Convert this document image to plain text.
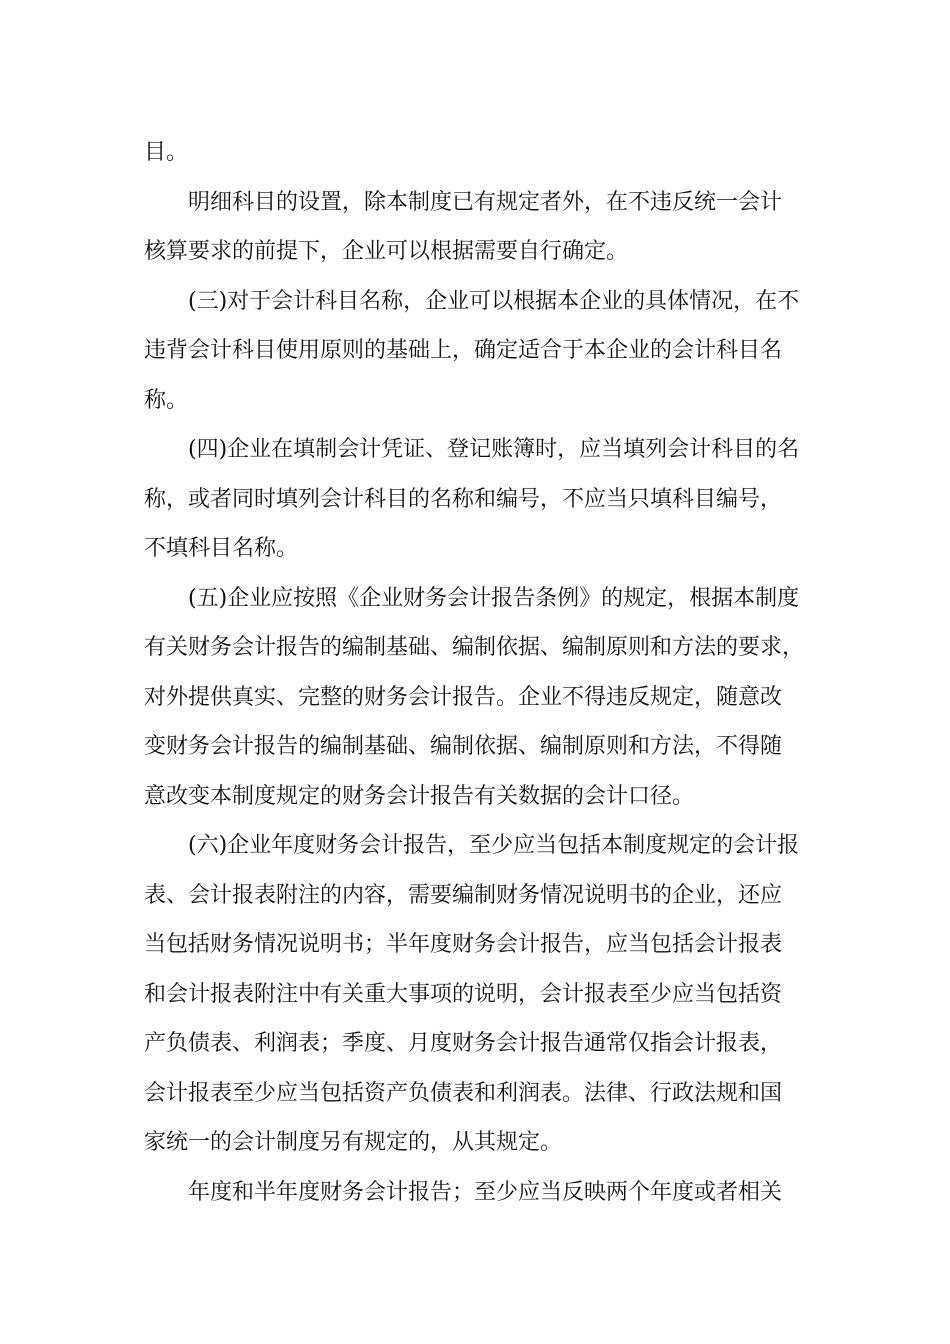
目。
明细科目的设置，除本制度已有规定者外，在不违反统一会计
核算要求的前提下，企业可以根据需要自行确定。
(三)对于会计科目名称，企业可以根据本企业的具体情况，在不
违背会计科目使用原则的基础上，确定适合于本企业的会计科目名
称。
(四)企业在填制会计凭证、登记账簿时，应当填列会计科目的名
称，或者同时填列会计科目的名称和编号，不应当只填科目编号，
不填科目名称。
(五)企业应按照《企业财务会计报告条例》的规定，根据本制度
有关财务会计报告的编制基础、编制依据、编制原则和方法的要求，
对外提供真实、完整的财务会计报告。企业不得违反规定，随意改
变财务会计报告的编制基础、编制依据、编制原则和方法，不得随
意改变本制度规定的财务会计报告有关数据的会计口径。
(六)企业年度财务会计报告，至少应当包括本制度规定的会计报
表、会计报表附注的内容，需要编制财务情况说明书的企业，还应
当包括财务情况说明书；半年度财务会计报告，应当包括会计报表
和会计报表附注中有关重大事项的说明，会计报表至少应当包括资
产负债表、利润表；季度、月度财务会计报告通常仅指会计报表，
会计报表至少应当包括资产负债表和利润表。法律、行政法规和国
家统一的会计制度另有规定的，从其规定。
年度和半年度财务会计报告；至少应当反映两个年度或者相关
